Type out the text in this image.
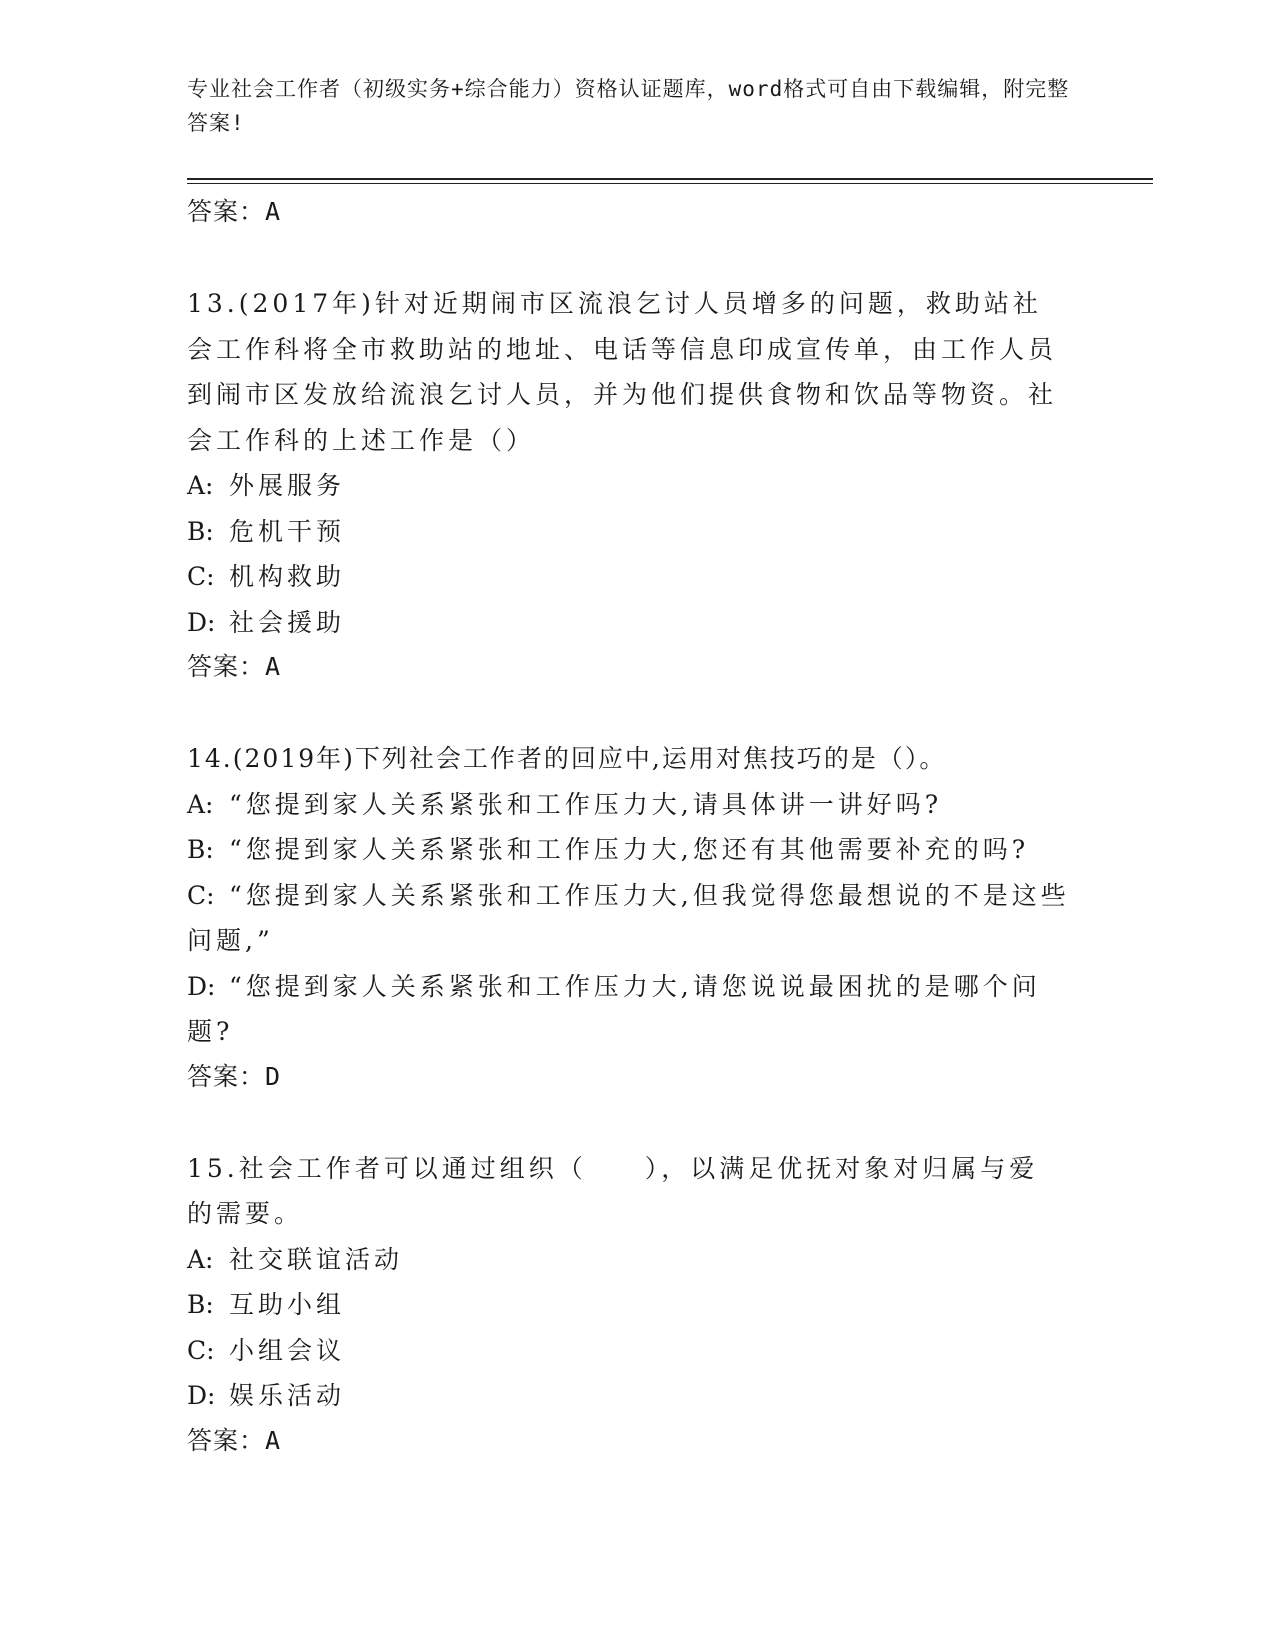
专业社会工作者（初级实务+综合能力）资格认证题库，word格式可自由下载编辑，附完整答案!

答案：A

13.(2017年)针对近期闹市区流浪乞讨人员增多的问题，救助站社会工作科将全市救助站的地址、电话等信息印成宣传单，由工作人员到闹市区发放给流浪乞讨人员，并为他们提供食物和饮品等物资。社会工作科的上述工作是（）

A: 外展服务

B: 危机干预

C: 机构救助

D: 社会援助

答案：A

14.(2019年)下列社会工作者的回应中,运用对焦技巧的是（）。

A: “您提到家人关系紧张和工作压力大,请具体讲一讲好吗?

B: “您提到家人关系紧张和工作压力大,您还有其他需要补充的吗?

C: “您提到家人关系紧张和工作压力大,但我觉得您最想说的不是这些问题,”

D: “您提到家人关系紧张和工作压力大,请您说说最困扰的是哪个问题?

答案：D

15.社会工作者可以通过组织（　　），以满足优抚对象对归属与爱的需要。

A: 社交联谊活动

B: 互助小组

C: 小组会议

D: 娱乐活动

答案：A
